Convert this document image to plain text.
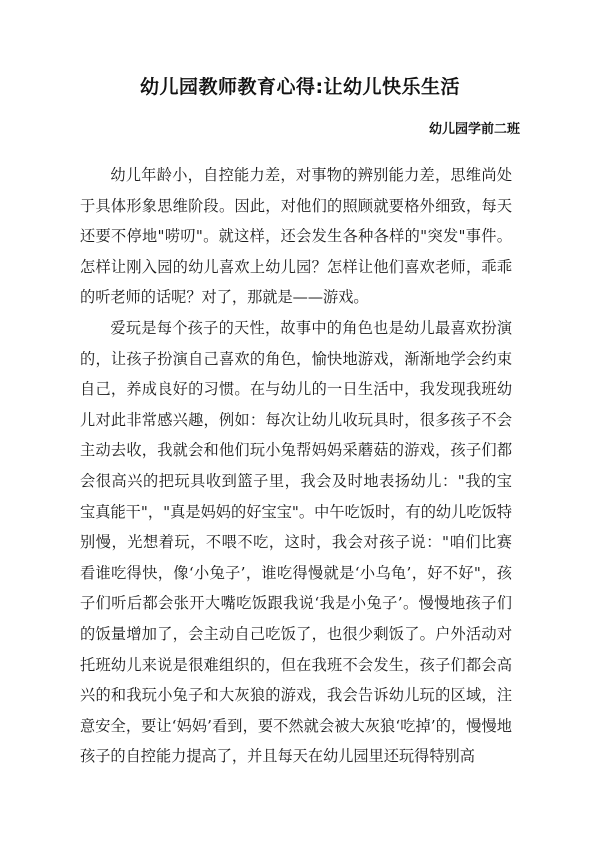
幼儿园教师教育心得:让幼儿快乐生活
幼儿园学前二班

幼儿年龄小，自控能力差，对事物的辨别能力差，思维尚处于具体形象思维阶段。因此，对他们的照顾就要格外细致，每天还要不停地"唠叨"。就这样，还会发生各种各样的"突发"事件。怎样让刚入园的幼儿喜欢上幼儿园？怎样让他们喜欢老师，乖乖的听老师的话呢？对了，那就是——游戏。

爱玩是每个孩子的天性，故事中的角色也是幼儿最喜欢扮演的，让孩子扮演自己喜欢的角色，愉快地游戏，渐渐地学会约束自己，养成良好的习惯。在与幼儿的一日生活中，我发现我班幼儿对此非常感兴趣，例如：每次让幼儿收玩具时，很多孩子不会主动去收，我就会和他们玩小兔帮妈妈采蘑菇的游戏，孩子们都会很高兴的把玩具收到篮子里，我会及时地表扬幼儿："我的宝宝真能干"，"真是妈妈的好宝宝"。中午吃饭时，有的幼儿吃饭特别慢，光想着玩，不喂不吃，这时，我会对孩子说："咱们比赛看谁吃得快，像‘小兔子’，谁吃得慢就是‘小乌龟’，好不好"，孩子们听后都会张开大嘴吃饭跟我说‘我是小兔子’。慢慢地孩子们的饭量增加了，会主动自己吃饭了，也很少剩饭了。户外活动对托班幼儿来说是很难组织的，但在我班不会发生，孩子们都会高兴的和我玩小兔子和大灰狼的游戏，我会告诉幼儿玩的区域，注意安全，要让‘妈妈’看到，要不然就会被大灰狼‘吃掉’的，慢慢地孩子的自控能力提高了，并且每天在幼儿园里还玩得特别高
